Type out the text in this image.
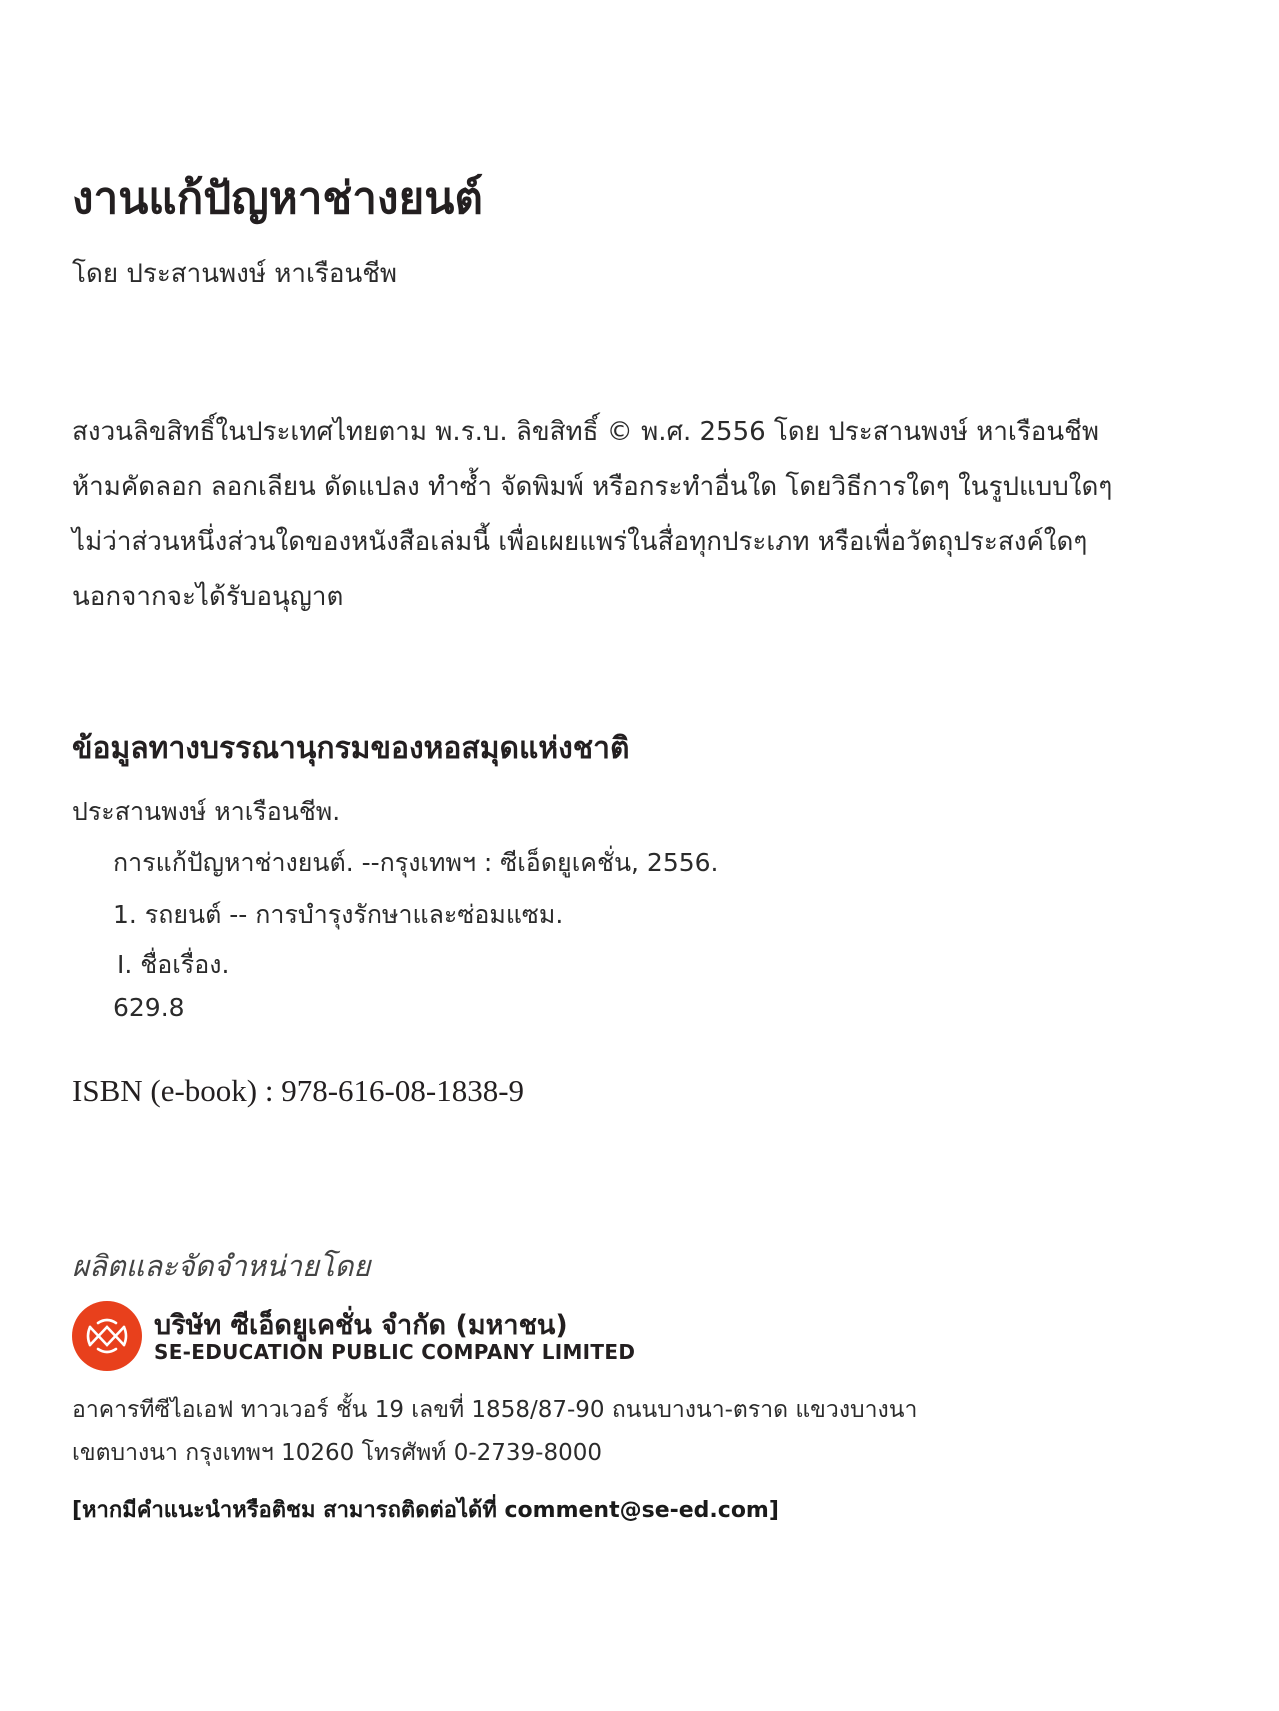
งานแก้ปัญหาช่างยนต์
โดย ประสานพงษ์ หาเรือนชีพ
สงวนลิขสิทธิ์ในประเทศไทยตาม พ.ร.บ. ลิขสิทธิ์ © พ.ศ. 2556 โดย ประสานพงษ์ หาเรือนชีพ
ห้ามคัดลอก ลอกเลียน ดัดแปลง ทำซ้ำ จัดพิมพ์ หรือกระทำอื่นใด โดยวิธีการใดๆ ในรูปแบบใดๆ
ไม่ว่าส่วนหนึ่งส่วนใดของหนังสือเล่มนี้ เพื่อเผยแพร่ในสื่อทุกประเภท หรือเพื่อวัตถุประสงค์ใดๆ
นอกจากจะได้รับอนุญาต
ข้อมูลทางบรรณานุกรมของหอสมุดแห่งชาติ
ประสานพงษ์ หาเรือนชีพ.
การแก้ปัญหาช่างยนต์. --กรุงเทพฯ : ซีเอ็ดยูเคชั่น, 2556.
1. รถยนต์ -- การบำรุงรักษาและซ่อมแซม.
I. ชื่อเรื่อง.
629.8
ISBN (e-book) : 978-616-08-1838-9
ผลิตและจัดจำหน่ายโดย
บริษัท ซีเอ็ดยูเคชั่น จำกัด (มหาชน)
SE-EDUCATION PUBLIC COMPANY LIMITED
อาคารทีซีไอเอฟ ทาวเวอร์ ชั้น 19 เลขที่ 1858/87-90 ถนนบางนา-ตราด แขวงบางนา
เขตบางนา กรุงเทพฯ 10260 โทรศัพท์ 0-2739-8000
[หากมีคำแนะนำหรือติชม สามารถติดต่อได้ที่ comment@se-ed.com]
